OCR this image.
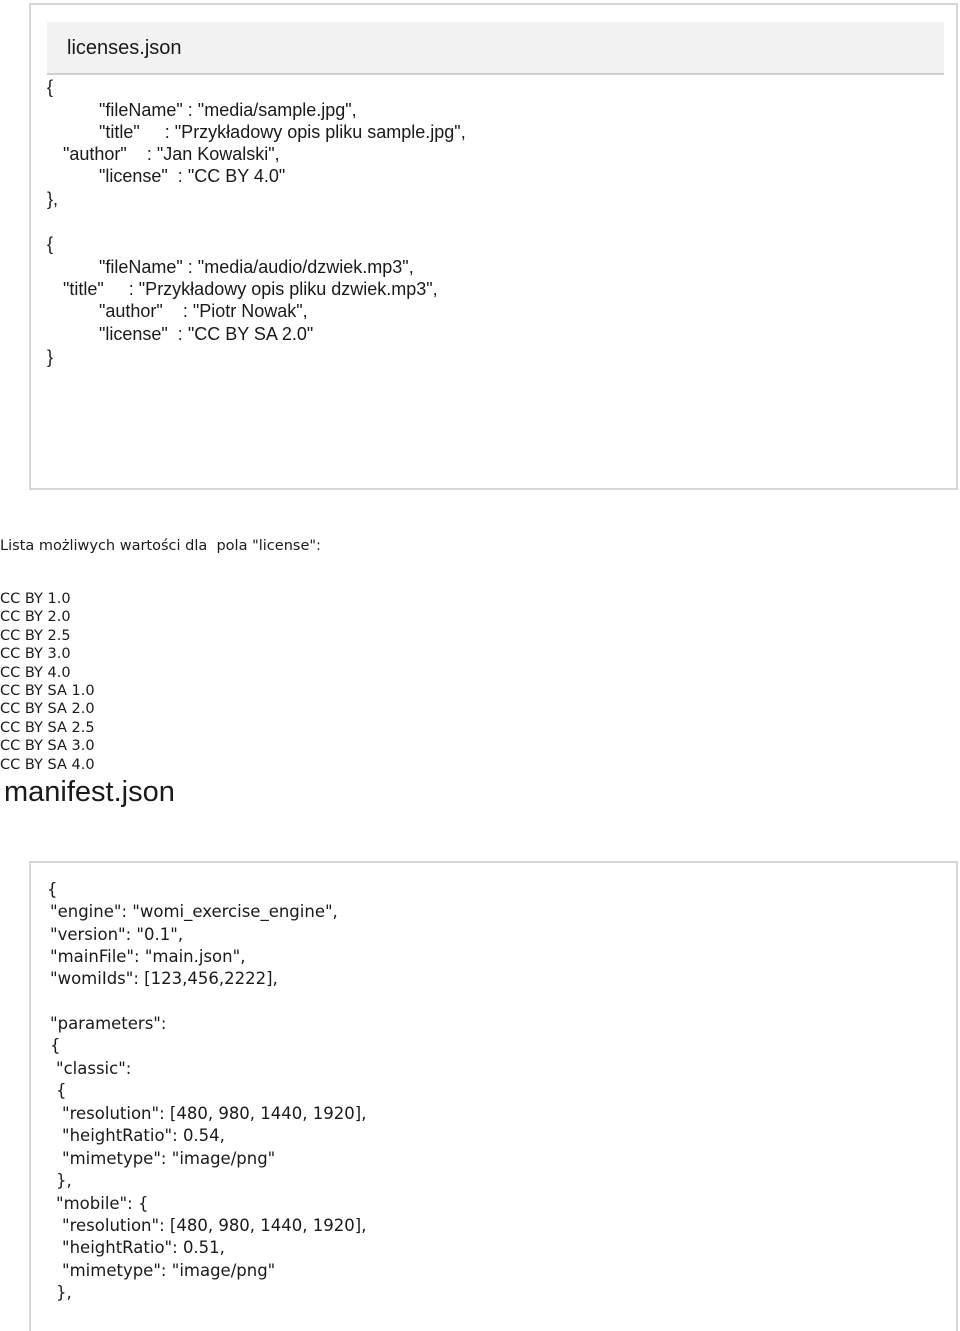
licenses.json
{
"fileName" : "media/sample.jpg",
"title"     : "Przykładowy opis pliku sample.jpg",
"author"    : "Jan Kowalski",
"license"  : "CC BY 4.0"
},
{
"fileName" : "media/audio/dzwiek.mp3",
"title"     : "Przykładowy opis pliku dzwiek.mp3",
"author"    : "Piotr Nowak",
"license"  : "CC BY SA 2.0"
}
Lista możliwych wartości dla  pola "license":
CC BY 1.0
CC BY 2.0
CC BY 2.5
CC BY 3.0
CC BY 4.0
CC BY SA 1.0
CC BY SA 2.0
CC BY SA 2.5
CC BY SA 3.0
CC BY SA 4.0
manifest.json
{
"engine": "womi_exercise_engine",
"version": "0.1",
"mainFile": "main.json",
"womiIds": [123,456,2222],
"parameters":
{
"classic":
{
"resolution": [480, 980, 1440, 1920],
"heightRatio": 0.54,
"mimetype": "image/png"
},
"mobile": {
"resolution": [480, 980, 1440, 1920],
"heightRatio": 0.51,
"mimetype": "image/png"
},
